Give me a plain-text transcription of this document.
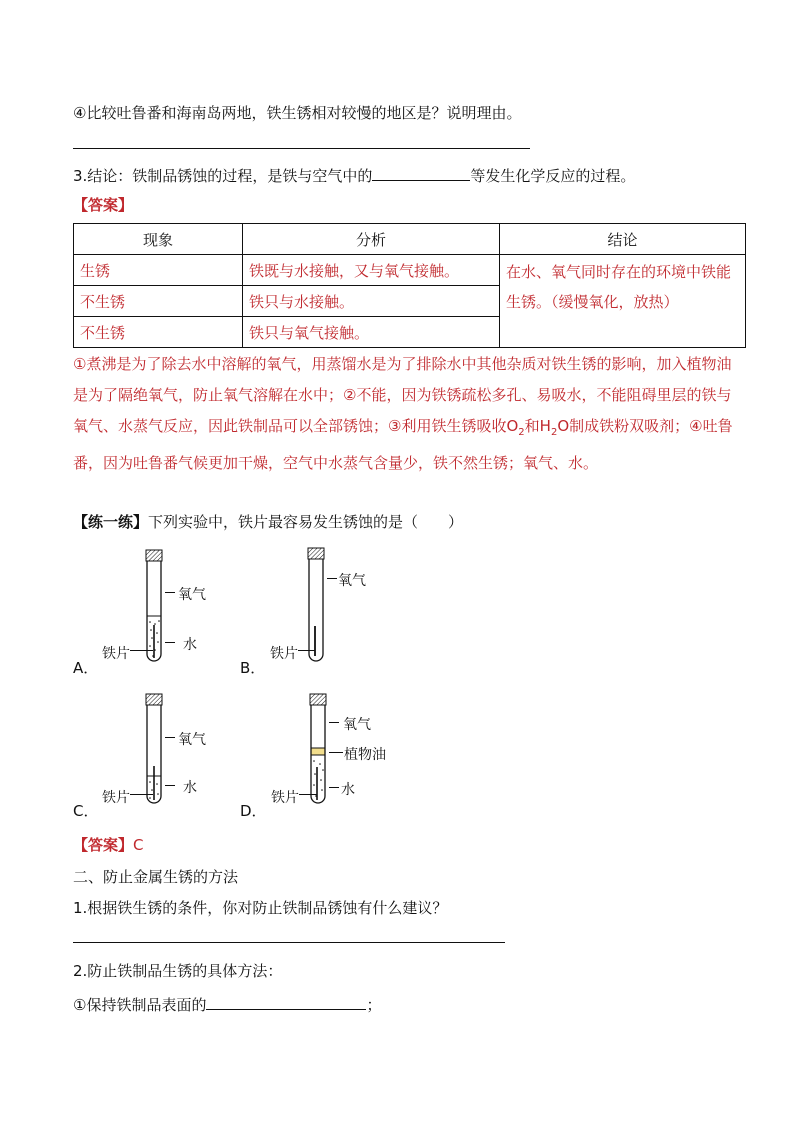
④比较吐鲁番和海南岛两地，铁生锈相对较慢的地区是？说明理由。
3.结论：铁制品锈蚀的过程，是铁与空气中的	等发生化学反应的过程。
【答案】
现象	分析	结论
生锈	铁既与水接触，又与氧气接触。	在水、氧气同时存在的环境中铁能生锈。（缓慢氧化，放热）
不生锈	铁只与水接触。	
不生锈	铁只与氧气接触。	
①煮沸是为了除去水中溶解的氧气，用蒸馏水是为了排除水中其他杂质对铁生锈的影响，加入植物油是为了隔绝氧气，防止氧气溶解在水中；②不能，因为铁锈疏松多孔、易吸水，不能阻碍里层的铁与氧气、水蒸气反应，因此铁制品可以全部锈蚀；③利用铁生锈吸收$O_2$和$H_2O$制成铁粉双吸剂；④吐鲁番，因为吐鲁番气候更加干燥，空气中水蒸气含量少，铁不然生锈；氧气、水。
【练一练】下列实验中，铁片最容易发生锈蚀的是（　　）
氧气
水
铁片
A．
氧气
铁片
B．
氧气
水
铁片
C．
氧气
植物油
水
铁片
D．
【答案】C
二、防止金属生锈的方法
1.根据铁生锈的条件，你对防止铁制品锈蚀有什么建议？
2.防止铁制品生锈的具体方法：
①保持铁制品表面的	；
